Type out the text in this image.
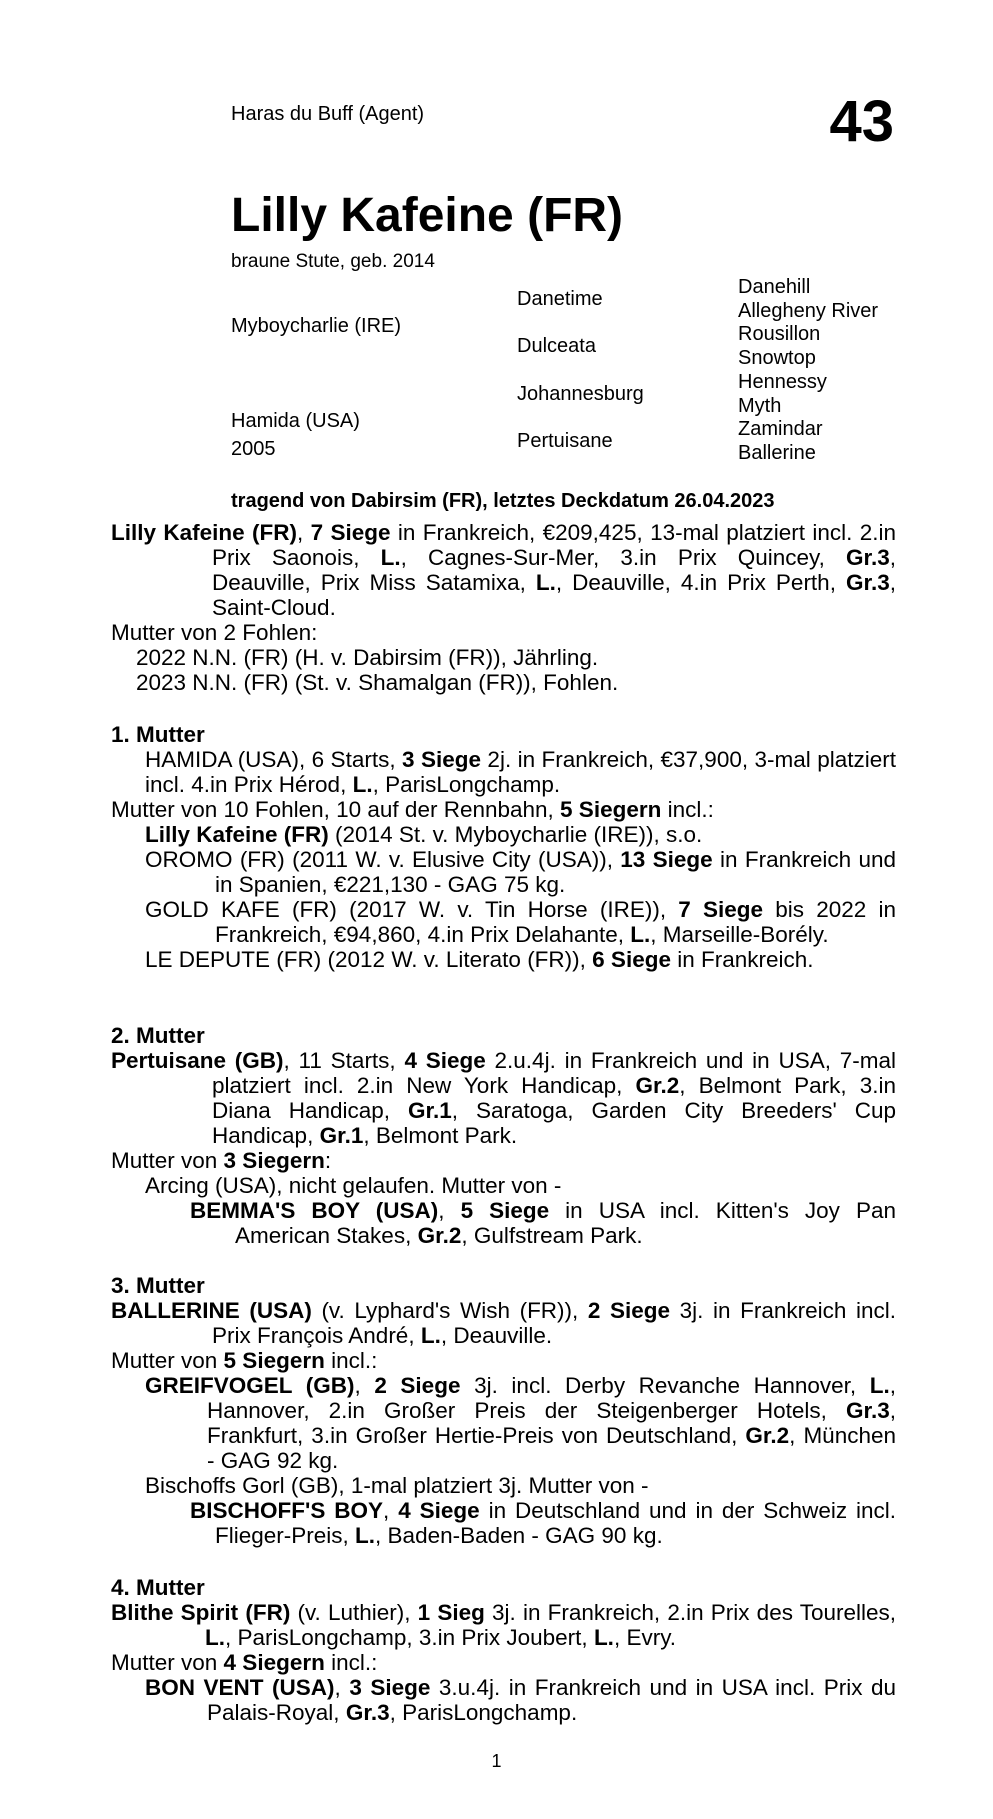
Haras du Buff (Agent)	43
Lilly Kafeine (FR)
braune Stute, geb. 2014
Myboycharlie (IRE)
Hamida (USA)
2005
Danetime
Dulceata
Johannesburg
Pertuisane
Danehill
Allegheny River
Rousillon
Snowtop
Hennessy
Myth
Zamindar
Ballerine
tragend von Dabirsim (FR), letztes Deckdatum 26.04.2023

Lilly Kafeine (FR), 7 Siege in Frankreich, €209,425, 13-mal platziert incl. 2.in Prix Saonois, L., Cagnes-Sur-Mer, 3.in Prix Quincey, Gr.3, Deauville, Prix Miss Satamixa, L., Deauville, 4.in Prix Perth, Gr.3, Saint-Cloud.

Mutter von 2 Fohlen:

2022 N.N. (FR) (H. v. Dabirsim (FR)), Jährling.

2023 N.N. (FR) (St. v. Shamalgan (FR)), Fohlen.

1. Mutter

HAMIDA (USA), 6 Starts, 3 Siege 2j. in Frankreich, €37,900, 3-mal platziert incl. 4.in Prix Hérod, L., ParisLongchamp.

Mutter von 10 Fohlen, 10 auf der Rennbahn, 5 Siegern incl.:

Lilly Kafeine (FR) (2014 St. v. Myboycharlie (IRE)), s.o.

OROMO (FR) (2011 W. v. Elusive City (USA)), 13 Siege in Frankreich und in Spanien, €221,130 - GAG 75 kg.

GOLD KAFE (FR) (2017 W. v. Tin Horse (IRE)), 7 Siege bis 2022 in Frankreich, €94,860, 4.in Prix Delahante, L., Marseille-Borély.

LE DEPUTE (FR) (2012 W. v. Literato (FR)), 6 Siege in Frankreich.

2. Mutter

Pertuisane (GB), 11 Starts, 4 Siege 2.u.4j. in Frankreich und in USA, 7-mal platziert incl. 2.in New York Handicap, Gr.2, Belmont Park, 3.in Diana Handicap, Gr.1, Saratoga, Garden City Breeders' Cup Handicap, Gr.1, Belmont Park.

Mutter von 3 Siegern:

Arcing (USA), nicht gelaufen. Mutter von -

BEMMA'S BOY (USA), 5 Siege in USA incl. Kitten's Joy Pan American Stakes, Gr.2, Gulfstream Park.

3. Mutter

BALLERINE (USA) (v. Lyphard's Wish (FR)), 2 Siege 3j. in Frankreich incl. Prix François André, L., Deauville.

Mutter von 5 Siegern incl.:

GREIFVOGEL (GB), 2 Siege 3j. incl. Derby Revanche Hannover, L., Hannover, 2.in Großer Preis der Steigenberger Hotels, Gr.3, Frankfurt, 3.in Großer Hertie-Preis von Deutschland, Gr.2, München - GAG 92 kg.

Bischoffs Gorl (GB), 1-mal platziert 3j. Mutter von -

BISCHOFF'S BOY, 4 Siege in Deutschland und in der Schweiz incl. Flieger-Preis, L., Baden-Baden - GAG 90 kg.

4. Mutter

Blithe Spirit (FR) (v. Luthier), 1 Sieg 3j. in Frankreich, 2.in Prix des Tourelles, L., ParisLongchamp, 3.in Prix Joubert, L., Evry.

Mutter von 4 Siegern incl.:

BON VENT (USA), 3 Siege 3.u.4j. in Frankreich und in USA incl. Prix du Palais-Royal, Gr.3, ParisLongchamp.

1
